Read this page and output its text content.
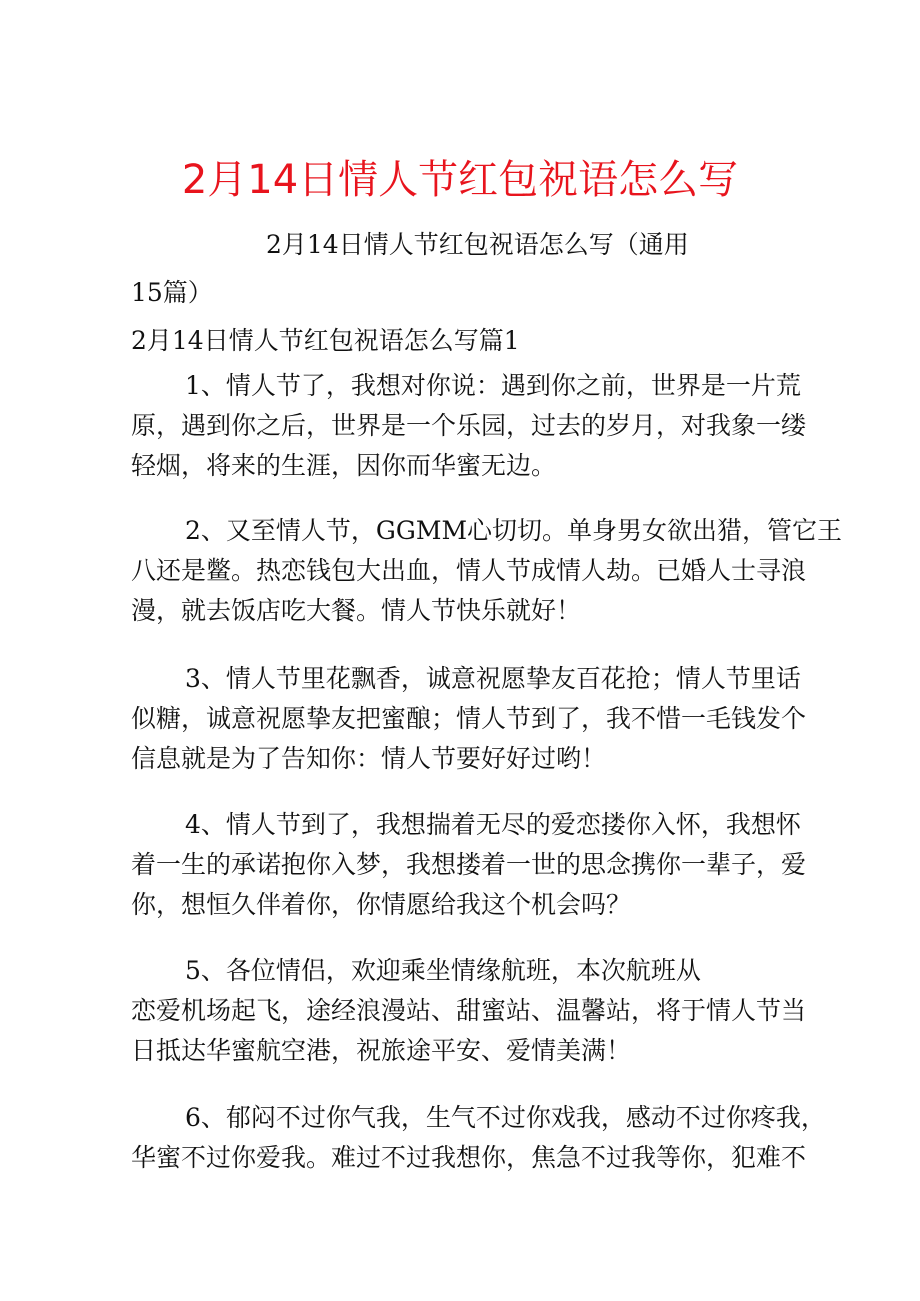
2月14日情人节红包祝语怎么写
2月14日情人节红包祝语怎么写（通用
15篇）
2月14日情人节红包祝语怎么写篇1
1、情人节了，我想对你说：遇到你之前，世界是一片荒
原，遇到你之后，世界是一个乐园，过去的岁月，对我象一缕
轻烟，将来的生涯，因你而华蜜无边。
2、又至情人节，GGMM心切切。单身男女欲出猎，管它王
八还是鳖。热恋钱包大出血，情人节成情人劫。已婚人士寻浪
漫，就去饭店吃大餐。情人节快乐就好！
3、情人节里花飘香，诚意祝愿挚友百花抢；情人节里话
似糖，诚意祝愿挚友把蜜酿；情人节到了，我不惜一毛钱发个
信息就是为了告知你：情人节要好好过哟！
4、情人节到了，我想揣着无尽的爱恋搂你入怀，我想怀
着一生的承诺抱你入梦，我想搂着一世的思念携你一辈子，爱
你，想恒久伴着你，你情愿给我这个机会吗？
5、各位情侣，欢迎乘坐情缘航班，本次航班从
恋爱机场起飞，途经浪漫站、甜蜜站、温馨站，将于情人节当
日抵达华蜜航空港，祝旅途平安、爱情美满！
6、郁闷不过你气我，生气不过你戏我，感动不过你疼我，
华蜜不过你爱我。难过不过我想你，焦急不过我等你，犯难不
